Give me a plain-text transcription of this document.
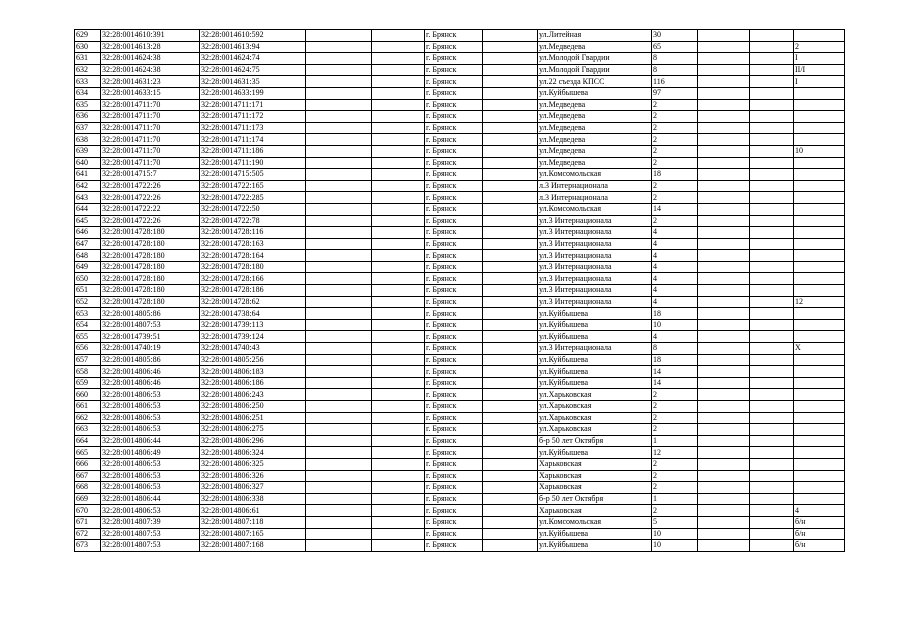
629	32:28:0014610:391	32:28:0014610:592			г. Брянск		ул.Литейная	30			
630	32:28:0014613:28	32:28:0014613:94			г. Брянск		ул.Медведева	65			2
631	32:28:0014624:38	32:28:0014624:74			г. Брянск		ул.Молодой Гвардии	8			I
632	32:28:0014624:38	32:28:0014624:75			г. Брянск		ул.Молодой Гвардии	8			II/I
633	32:28:0014631:23	32:28:0014631:35			г. Брянск		ул.22 съезда КПСС	116			I
634	32:28:0014633:15	32:28:0014633:199			г. Брянск		ул.Куйбышева	97			
635	32:28:0014711:70	32:28:0014711:171			г. Брянск		ул.Медведева	2			
636	32:28:0014711:70	32:28:0014711:172			г. Брянск		ул.Медведева	2			
637	32:28:0014711:70	32:28:0014711:173			г. Брянск		ул.Медведева	2			
638	32:28:0014711:70	32:28:0014711:174			г. Брянск		ул.Медведева	2			
639	32:28:0014711:70	32:28:0014711:186			г. Брянск		ул.Медведева	2			10
640	32:28:0014711:70	32:28:0014711:190			г. Брянск		ул.Медведева	2			
641	32:28:0014715:7	32:28:0014715:505			г. Брянск		ул.Комсомольская	18			
642	32:28:0014722:26	32:28:0014722:165			г. Брянск		л.3 Интернационала	2			
643	32:28:0014722:26	32:28:0014722:285			г. Брянск		л.3 Интернационала	2			
644	32:28:0014722:22	32:28:0014722:50			г. Брянск		ул.Комсомольская	14			
645	32:28:0014722:26	32:28:0014722:78			г. Брянск		ул.3 Интернационала	2			
646	32:28:0014728:180	32:28:0014728:116			г. Брянск		ул.3 Интернационала	4			
647	32:28:0014728:180	32:28:0014728:163			г. Брянск		ул.3 Интернационала	4			
648	32:28:0014728:180	32:28:0014728:164			г. Брянск		ул.3 Интернационала	4			
649	32:28:0014728:180	32:28:0014728:180			г. Брянск		ул.3 Интернационала	4			
650	32:28:0014728:180	32:28:0014728:166			г. Брянск		ул.3 Интернационала	4			
651	32:28:0014728:180	32:28:0014728:186			г. Брянск		ул.3 Интернационала	4			
652	32:28:0014728:180	32:28:0014728:62			г. Брянск		ул.3 Интернационала	4			12
653	32:28:0014805:86	32:28:0014738:64			г. Брянск		ул.Куйбышева	18			
654	32:28:0014807:53	32:28:0014739:113			г. Брянск		ул.Куйбышева	10			
655	32:28:0014739:51	32:28:0014739:124			г. Брянск		ул.Куйбышева	4			
656	32:28:0014740:19	32:28:0014740:43			г. Брянск		ул.3 Интернационала	8			X
657	32:28:0014805:86	32:28:0014805:256			г. Брянск		ул.Куйбышева	18			
658	32:28:0014806:46	32:28:0014806:183			г. Брянск		ул.Куйбышева	14			
659	32:28:0014806:46	32:28:0014806:186			г. Брянск		ул.Куйбышева	14			
660	32:28:0014806:53	32:28:0014806:243			г. Брянск		ул.Харьковская	2			
661	32:28:0014806:53	32:28:0014806:250			г. Брянск		ул.Харьковская	2			
662	32:28:0014806:53	32:28:0014806:251			г. Брянск		ул.Харьковская	2			
663	32:28:0014806:53	32:28:0014806:275			г. Брянск		ул.Харьковская	2			
664	32:28:0014806:44	32:28:0014806:296			г. Брянск		б-р 50 лет Октября	1			
665	32:28:0014806:49	32:28:0014806:324			г. Брянск		ул.Куйбышева	12			
666	32:28:0014806:53	32:28:0014806:325			г. Брянск		Харьковская	2			
667	32:28:0014806:53	32:28:0014806:326			г. Брянск		Харьковская	2			
668	32:28:0014806:53	32:28:0014806:327			г. Брянск		Харьковская	2			
669	32:28:0014806:44	32:28:0014806:338			г. Брянск		б-р 50 лет Октября	1			
670	32:28:0014806:53	32:28:0014806:61			г. Брянск		Харьковская	2			4
671	32:28:0014807:39	32:28:0014807:118			г. Брянск		ул.Комсомольская	5			б/н
672	32:28:0014807:53	32:28:0014807:165			г. Брянск		ул.Куйбышева	10			б/н
673	32:28:0014807:53	32:28:0014807:168			г. Брянск		ул.Куйбышева	10			б/н
